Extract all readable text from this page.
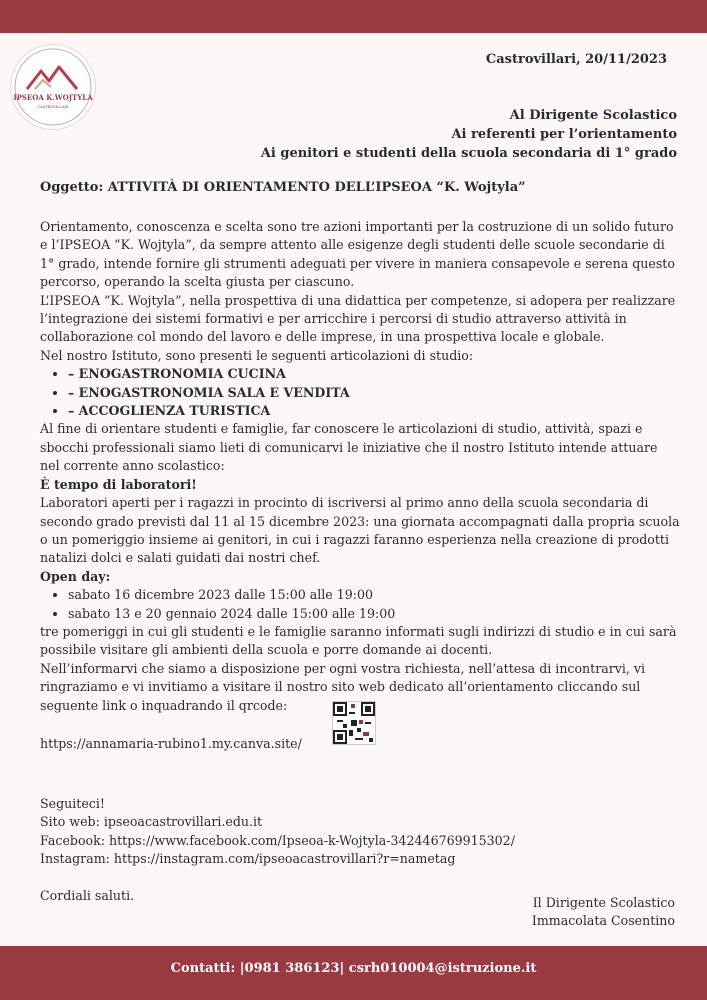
IPSEOA K.WOJTYLA
CASTROVILLARI
Castrovillari, 20/11/2023
Al Dirigente Scolastico
Ai referenti per l’orientamento
Ai genitori e studenti della scuola secondaria di 1° grado
Oggetto: ATTIVITÀ DI ORIENTAMENTO DELL’IPSEOA “K. Wojtyla”

Orientamento, conoscenza e scelta sono tre azioni importanti per la costruzione di un solido futuro e l’IPSEOA “K. Wojtyla”, da sempre attento alle esigenze degli studenti delle scuole secondarie di 1° grado, intende fornire gli strumenti adeguati per vivere in maniera consapevole e serena questo percorso, operando la scelta giusta per ciascuno.

L’IPSEOA “K. Wojtyla”, nella prospettiva di una didattica per competenze, si adopera per realizzare l’integrazione dei sistemi formativi e per arricchire i percorsi di studio attraverso attività in collaborazione col mondo del lavoro e delle imprese, in una prospettiva locale e globale.

Nel nostro Istituto, sono presenti le seguenti articolazioni di studio:

• – ENOGASTRONOMIA CUCINA
• – ENOGASTRONOMIA SALA E VENDITA
• – ACCOGLIENZA TURISTICA

Al fine di orientare studenti e famiglie, far conoscere le articolazioni di studio, attività, spazi e sbocchi professionali siamo lieti di comunicarvi le iniziative che il nostro Istituto intende attuare nel corrente anno scolastico:

È tempo di laboratori!

Laboratori aperti per i ragazzi in procinto di iscriversi al primo anno della scuola secondaria di secondo grado previsti dal 11 al 15 dicembre 2023: una giornata accompagnati dalla propria scuola o un pomeriggio insieme ai genitori, in cui i ragazzi faranno esperienza nella creazione di prodotti natalizi dolci e salati guidati dai nostri chef.

Open day:

• sabato 16 dicembre 2023 dalle 15:00 alle 19:00
• sabato 13 e 20 gennaio 2024 dalle 15:00 alle 19:00

tre pomeriggi in cui gli studenti e le famiglie saranno informati sugli indirizzi di studio e in cui sarà possibile visitare gli ambienti della scuola e porre domande ai docenti.

Nell’informarvi che siamo a disposizione per ogni vostra richiesta, nell’attesa di incontrarvi, vi ringraziamo e vi invitiamo a visitare il nostro sito web dedicato all’orientamento cliccando sul seguente link o inquadrando il qrcode:

https://annamaria-rubino1.my.canva.site/

Seguiteci!

Sito web: ipseoacastrovillari.edu.it

Facebook: https://www.facebook.com/Ipseoa-k-Wojtyla-342446769915302/

Instagram: https://instagram.com/ipseoacastrovillari?r=nametag

Cordiali saluti.	Il Dirigente Scolastico
Immacolata Cosentino
Contatti: |0981 386123| csrh010004@istruzione.it
